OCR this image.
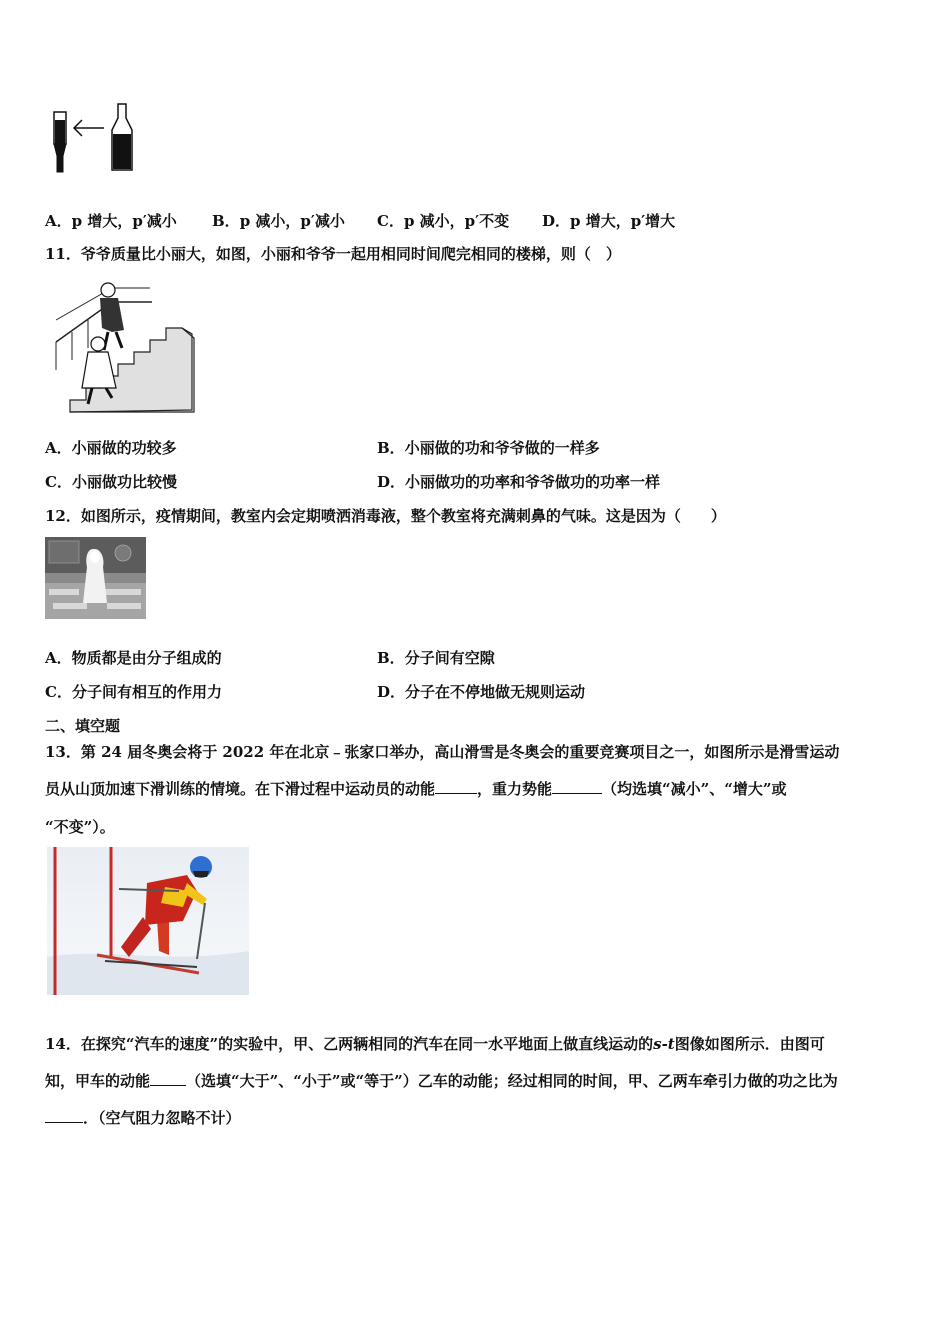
A．p 增大，p′减小 B．p 减小，p′减小 C．p 减小，p′不变 D．p 增大，p′增大
11．爷爷质量比小丽大，如图，小丽和爷爷一起用相同时间爬完相同的楼梯，则（　）
A．小丽做的功较多	B．小丽做的功和爷爷做的一样多
C．小丽做功比较慢	D．小丽做功的功率和爷爷做功的功率一样
12．如图所示，疫情期间，教室内会定期喷洒消毒液，整个教室将充满刺鼻的气味。这是因为（　　）
A．物质都是由分子组成的	B．分子间有空隙
C．分子间有相互的作用力	D．分子在不停地做无规则运动
二、填空题
13．第 24 届冬奥会将于 2022 年在北京﹣张家口举办，高山滑雪是冬奥会的重要竞赛项目之一，如图所示是滑雪运动
员从山顶加速下滑训练的情境。在下滑过程中运动员的动能	，重力势能	（均选填“减小”、“增大”或
“不变”）。
14．在探究“汽车的速度”的实验中，甲、乙两辆相同的汽车在同一水平地面上做直线运动的s-t图像如图所示．由图可
知，甲车的动能 （选填“大于”、“小于”或“等于”）乙车的动能；经过相同的时间，甲、乙两车牵引力做的功之比为
．（空气阻力忽略不计）
